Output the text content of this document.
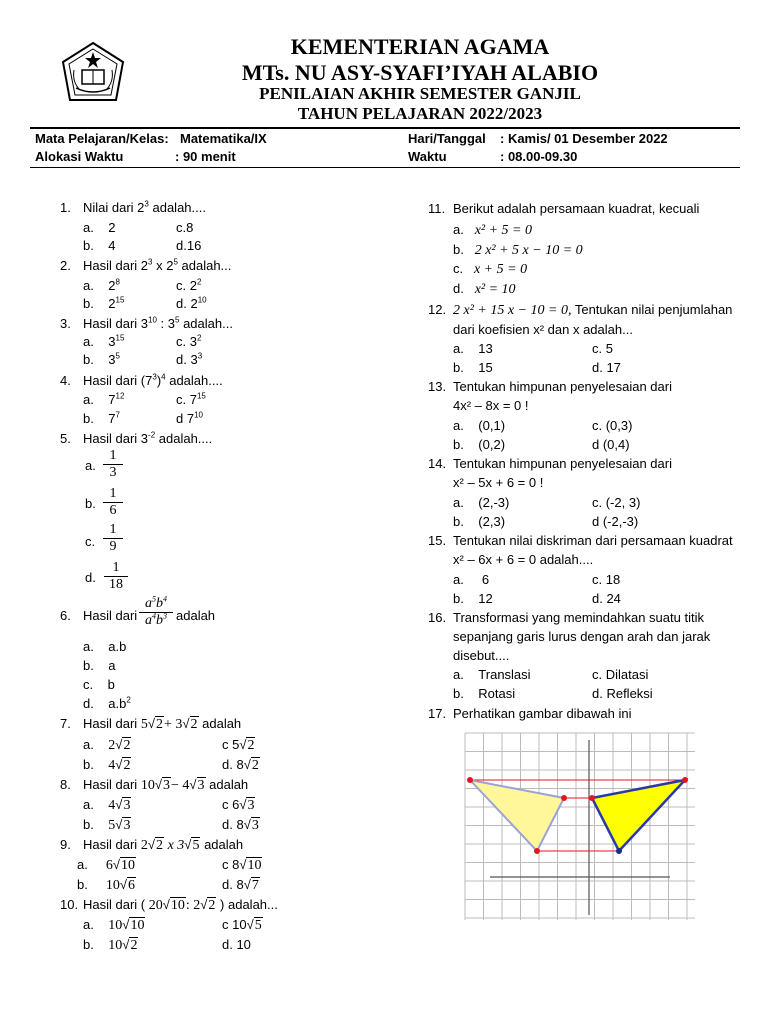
KEMENTERIAN AGAMA
MTs. NU ASY-SYAFI’IYAH ALABIO
PENILAIAN AKHIR SEMESTER GANJIL
TAHUN PELAJARAN 2022/2023
Mata Pelajaran/Kelas: Matematika/IX
Alokasi Waktu	: 90 menit
Hari/Tanggal : Kamis/ 01 Desember 2022
Waktu	: 08.00-09.30
1. Nilai dari $2^3$ adalah....
a. 2	c.8
b. 4	d.16
2. Hasil dari $2^3$ x $2^5$ adalah...
a. $2^8$	c. $2^2$
b. $2^{15}$	d. $2^{10}$
3. Hasil dari $3^{10}$ : $3^5$ adalah...
a. $3^{15}$	c. $3^2$
b. $3^5$	d. $3^3$
4. Hasil dari $(7^3)^4$ adalah....
a. $7^{12}$	c. $7^{15}$
b. $7^7$	d $7^{10}$
5. Hasil dari $3^{-2}$ adalah....
a. $\frac{1}{3}$
b. $\frac{1}{6}$
c. $\frac{1}{9}$
d. $\frac{1}{18}$
6. Hasil dari $\frac{a^5b^4}{a^4b^3}$ adalah
a. a.b
b. a
c. b
d. $a.b^2$
7. Hasil dari 5√2+ 3√2 adalah
a. 2√2	c 5√2
b. 4√2	d. 8√2
8. Hasil dari 10√3− 4√3 adalah
a. 4√3	c 6√3
b. 5√3	d. 8√3
9. Hasil dari 2√2 x 3√5 adalah
a. 6√10	c 8√10
b. 10√6	d. 8√7
10. Hasil dari ( 20√10: 2√2 ) adalah...
a. 10√10	c 10√5
b. 10√2	d. 10
11. Berikut adalah persamaan kuadrat, kecuali
a. x² + 5 = 0
b. 2 x² + 5 x − 10 = 0
c. x + 5 = 0
d. x² = 10
12. 2 x² + 15 x − 10 = 0, Tentukan nilai penjumlahan
dari koefisien x² dan x adalah...
a. 13	c. 5
b. 15	d. 17
13. Tentukan himpunan penyelesaian dari
4x² – 8x = 0 !
a. (0,1)	c. (0,3)
b. (0,2)	d (0,4)
14. Tentukan himpunan penyelesaian dari
x² – 5x + 6 = 0 !
a. (2,-3)	c. (-2, 3)
b. (2,3)	d (-2,-3)
15. Tentukan nilai diskriman dari persamaan kuadrat
x² – 6x + 6 = 0 adalah....
a. 6	c. 18
b. 12	d. 24
16. Transformasi yang memindahkan suatu titik
sepanjang garis lurus dengan arah dan jarak
disebut....
a. Translasi	c. Dilatasi
b. Rotasi	d. Refleksi
17. Perhatikan gambar dibawah ini
